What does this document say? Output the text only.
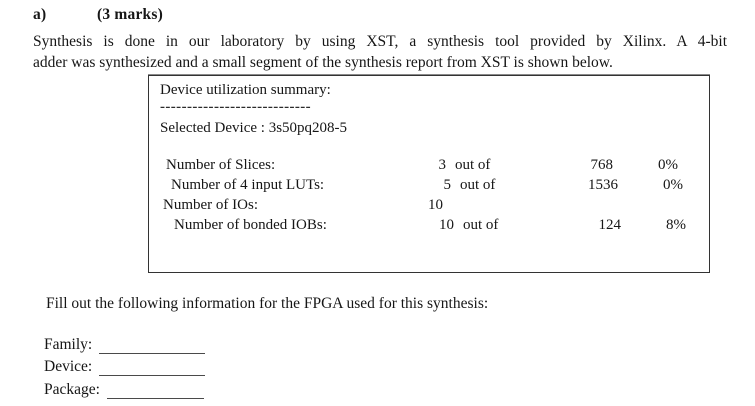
a)	(3 marks)
Synthesis is done in our laboratory by using XST, a synthesis tool provided by Xilinx. A 4-bit
adder was synthesized and a small segment of the synthesis report from XST is shown below.
Device utilization summary:
----------------------------
Selected Device : 3s50pq208-5
Number of Slices:	3 out of	768	0%
Number of 4 input LUTs:	5 out of	1536	0%
Number of IOs:	10
Number of bonded IOBs:	10 out of	124	8%
Fill out the following information for the FPGA used for this synthesis:
Family:
Device:
Package:
